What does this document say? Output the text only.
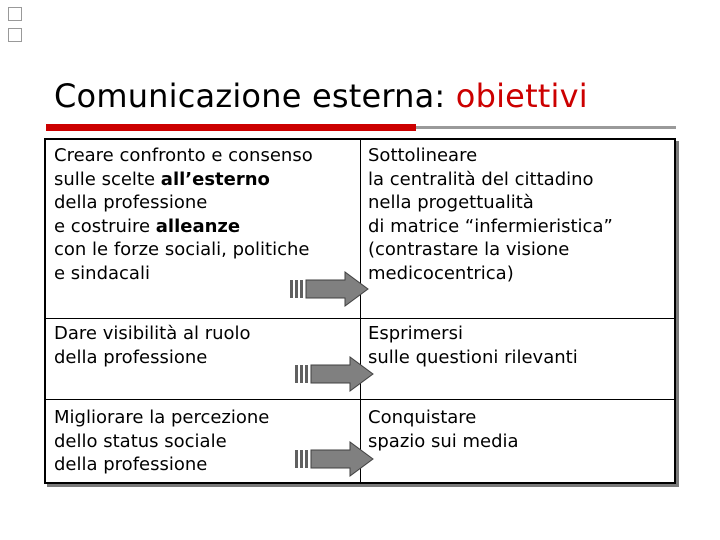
Comunicazione esterna: obiettivi
Creare confronto e consenso
sulle scelte all’esterno
della professione
e costruire alleanze
con le forze sociali, politiche
e sindacali
Sottolineare
la centralità del cittadino
nella progettualità
di matrice “infermieristica”
(contrastare la visione
medicocentrica)
Dare visibilità al ruolo
della professione
Esprimersi
sulle questioni rilevanti
Migliorare la percezione
dello status sociale
della professione
Conquistare
spazio sui media
